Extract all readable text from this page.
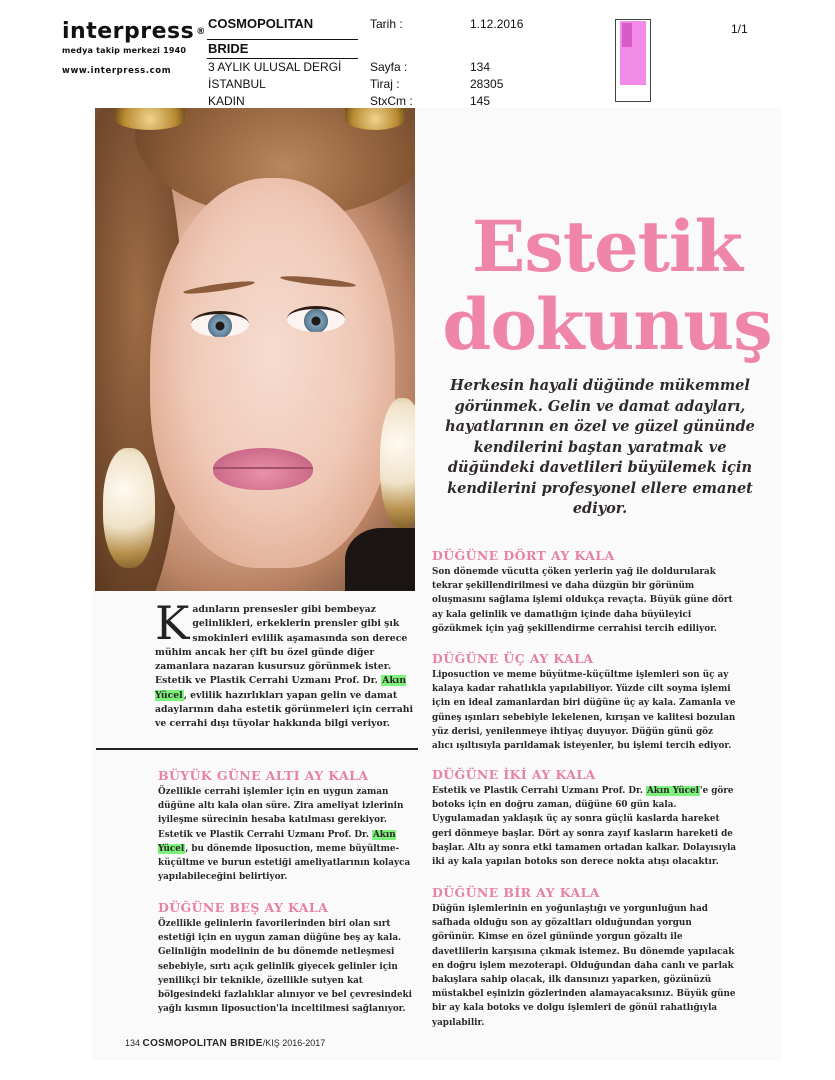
interpress ®
medya takip merkezi 1940
www.interpress.com
COSMOPOLITAN
BRIDE
3 AYLIK ULUSAL DERGİ
İSTANBUL
KADIN
Tarih :	1.12.2016
Sayfa :	134
Tiraj :	28305
StxCm :	145
1/1
Estetik
dokunuş
Herkesin hayali düğünde mükemmel görünmek. Gelin ve damat adayları, hayatlarının en özel ve güzel gününde kendilerini baştan yaratmak ve düğündeki davetlileri büyülemek için kendilerini profesyonel ellere emanet ediyor.
Kadınların prensesler gibi bembeyaz gelinlikleri, erkeklerin prensler gibi şık smokinleri evlilik aşamasında son derece mühim ancak her çift bu özel günde diğer zamanlara nazaran kusursuz görünmek ister. Estetik ve Plastik Cerrahi Uzmanı Prof. Dr. Akın Yücel, evlilik hazırlıkları yapan gelin ve damat adaylarının daha estetik görünmeleri için cerrahi ve cerrahi dışı tüyolar hakkında bilgi veriyor.
BÜYÜK GÜNE ALTI AY KALA
Özellikle cerrahi işlemler için en uygun zaman düğüne altı kala olan süre. Zira ameliyat izlerinin iyileşme sürecinin hesaba katılması gerekiyor. Estetik ve Plastik Cerrahi Uzmanı Prof. Dr. Akın Yücel, bu dönemde liposuction, meme büyültme-küçültme ve burun estetiği ameliyatlarının kolayca yapılabileceğini belirtiyor.
DÜĞÜNE BEŞ AY KALA
Özellikle gelinlerin favorilerinden biri olan sırt estetiği için en uygun zaman düğüne beş ay kala. Gelinliğin modelinin de bu dönemde netleşmesi sebebiyle, sırtı açık gelinlik giyecek gelinler için yenilikçi bir teknikle, özellikle sutyen kat bölgesindeki fazlalıklar alınıyor ve bel çevresindeki yağlı kısmın liposuction'la inceltilmesi sağlanıyor.
DÜĞÜNE DÖRT AY KALA
Son dönemde vücutta çöken yerlerin yağ ile doldurularak tekrar şekillendirilmesi ve daha düzgün bir görünüm oluşmasını sağlama işlemi oldukça revaçta. Büyük güne dört ay kala gelinlik ve damatlığın içinde daha büyüleyici gözükmek için yağ şekillendirme cerrahisi tercih ediliyor.
DÜĞÜNE ÜÇ AY KALA
Liposuction ve meme büyütme-küçültme işlemleri son üç ay kalaya kadar rahatlıkla yapılabiliyor. Yüzde cilt soyma işlemi için en ideal zamanlardan biri düğüne üç ay kala. Zamanla ve güneş ışınları sebebiyle lekelenen, kırışan ve kalitesi bozulan yüz derisi, yenilenmeye ihtiyaç duyuyor. Düğün günü göz alıcı ışıltısıyla parıldamak isteyenler, bu işlemi tercih ediyor.
DÜĞÜNE İKİ AY KALA
Estetik ve Plastik Cerrahi Uzmanı Prof. Dr. Akın Yücel'e göre botoks için en doğru zaman, düğüne 60 gün kala. Uygulamadan yaklaşık üç ay sonra güçlü kaslarda hareket geri dönmeye başlar. Dört ay sonra zayıf kasların hareketi de başlar. Altı ay sonra etki tamamen ortadan kalkar. Dolayısıyla iki ay kala yapılan botoks son derece nokta atışı olacaktır.
DÜĞÜNE BİR AY KALA
Düğün işlemlerinin en yoğunlaştığı ve yorgunluğun had safhada olduğu son ay gözaltları olduğundan yorgun görünür. Kimse en özel gününde yorgun gözaltı ile davetlilerin karşısına çıkmak istemez. Bu dönemde yapılacak en doğru işlem mezoterapi. Olduğundan daha canlı ve parlak bakışlara sahip olacak, ilk dansınızı yaparken, gözünüzü müstakbel eşinizin gözlerinden alamayacaksınız. Büyük güne bir ay kala botoks ve dolgu işlemleri de gönül rahatlığıyla yapılabilir.
134 COSMOPOLITAN BRIDE/KIŞ 2016-2017
